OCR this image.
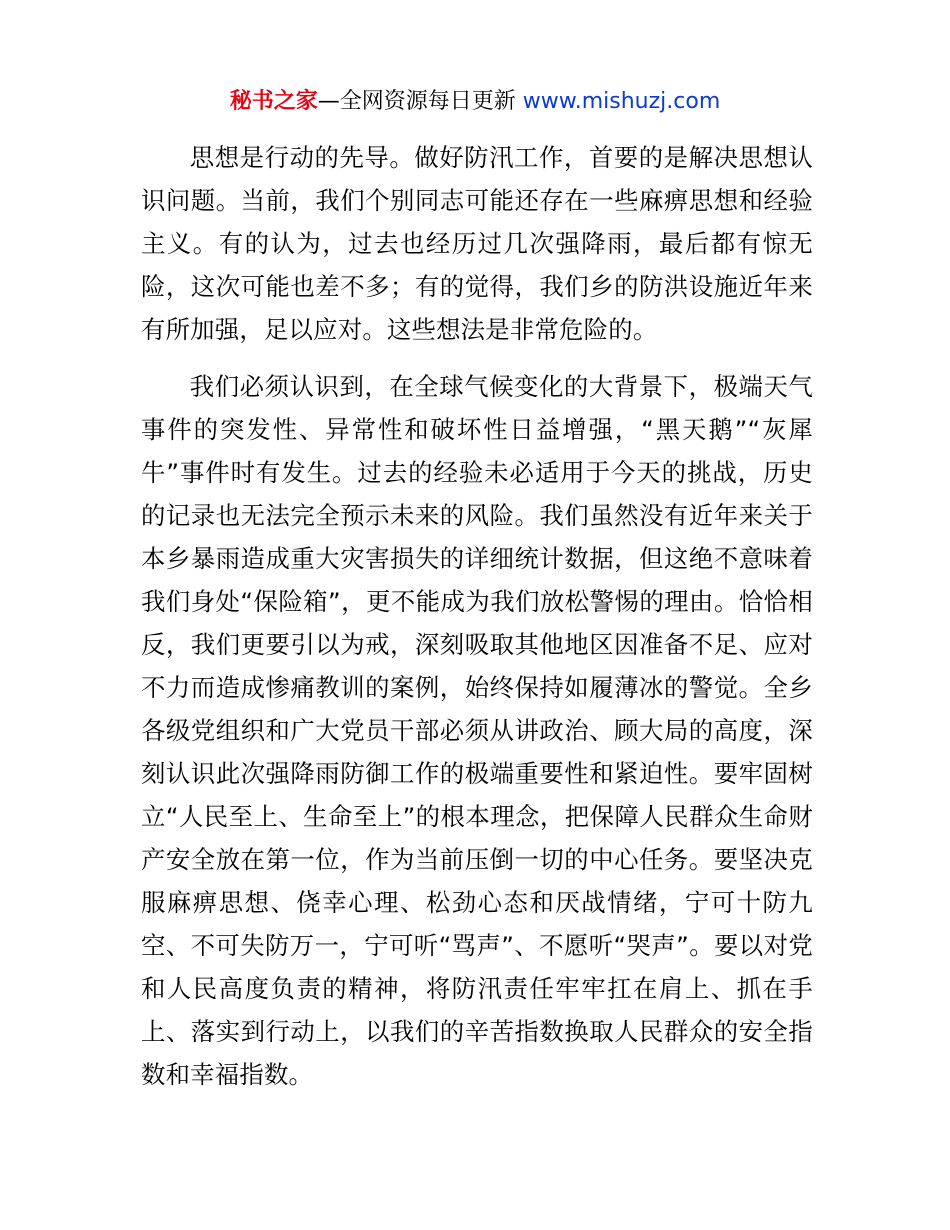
秘书之家—全网资源每日更新 www.mishuzj.com

思想是行动的先导。做好防汛工作，首要的是解决思想认识问题。当前，我们个别同志可能还存在一些麻痹思想和经验主义。有的认为，过去也经历过几次强降雨，最后都有惊无险，这次可能也差不多；有的觉得，我们乡的防洪设施近年来有所加强，足以应对。这些想法是非常危险的。

我们必须认识到，在全球气候变化的大背景下，极端天气事件的突发性、异常性和破坏性日益增强，“黑天鹅”“灰犀牛”事件时有发生。过去的经验未必适用于今天的挑战，历史的记录也无法完全预示未来的风险。我们虽然没有近年来关于本乡暴雨造成重大灾害损失的详细统计数据，但这绝不意味着我们身处“保险箱”，更不能成为我们放松警惕的理由。恰恰相反，我们更要引以为戒，深刻吸取其他地区因准备不足、应对不力而造成惨痛教训的案例，始终保持如履薄冰的警觉。全乡各级党组织和广大党员干部必须从讲政治、顾大局的高度，深刻认识此次强降雨防御工作的极端重要性和紧迫性。要牢固树立“人民至上、生命至上”的根本理念，把保障人民群众生命财产安全放在第一位，作为当前压倒一切的中心任务。要坚决克服麻痹思想、侥幸心理、松劲心态和厌战情绪，宁可十防九空、不可失防万一，宁可听“骂声”、不愿听“哭声”。要以对党和人民高度负责的精神，将防汛责任牢牢扛在肩上、抓在手上、落实到行动上，以我们的辛苦指数换取人民群众的安全指数和幸福指数。
